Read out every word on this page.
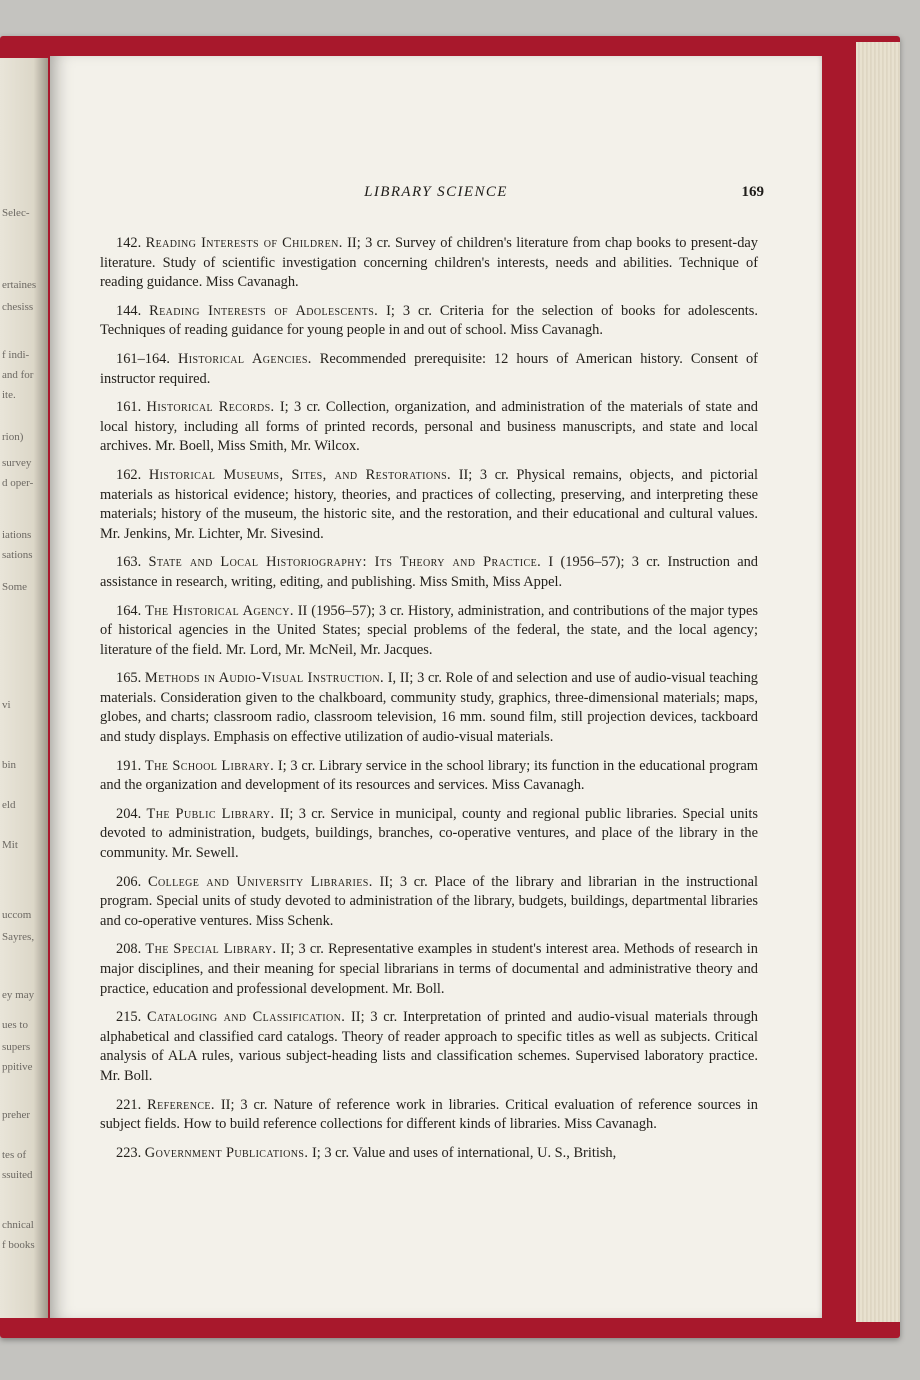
Selec-
ertaines
chesiss
f indi-
and for
ite.
rion)
survey
d oper-
iations
sations
Some
vi
bin
eld
Mit
uccom
Sayres,
ey may
ues to
supers
ppitive
preher
tes of
ssuited
chnical
f books
LIBRARY SCIENCE	169

142. Reading Interests of Children. II; 3 cr. Survey of children's literature from chap books to present-day literature. Study of scientific investigation concerning children's interests, needs and abilities. Technique of reading guidance. Miss Cavanagh.

144. Reading Interests of Adolescents. I; 3 cr. Criteria for the selection of books for adolescents. Techniques of reading guidance for young people in and out of school. Miss Cavanagh.

161–164. Historical Agencies. Recommended prerequisite: 12 hours of American history. Consent of instructor required.

161. Historical Records. I; 3 cr. Collection, organization, and administration of the materials of state and local history, including all forms of printed records, personal and business manuscripts, and state and local archives. Mr. Boell, Miss Smith, Mr. Wilcox.

162. Historical Museums, Sites, and Restorations. II; 3 cr. Physical remains, objects, and pictorial materials as historical evidence; history, theories, and practices of collecting, preserving, and interpreting these materials; history of the museum, the historic site, and the restoration, and their educational and cultural values. Mr. Jenkins, Mr. Lichter, Mr. Sivesind.

163. State and Local Historiography: Its Theory and Practice. I (1956–57); 3 cr. Instruction and assistance in research, writing, editing, and publishing. Miss Smith, Miss Appel.

164. The Historical Agency. II (1956–57); 3 cr. History, administration, and contributions of the major types of historical agencies in the United States; special problems of the federal, the state, and the local agency; literature of the field. Mr. Lord, Mr. McNeil, Mr. Jacques.

165. Methods in Audio-Visual Instruction. I, II; 3 cr. Role of and selection and use of audio-visual teaching materials. Consideration given to the chalkboard, community study, graphics, three-dimensional materials; maps, globes, and charts; classroom radio, classroom television, 16 mm. sound film, still projection devices, tackboard and study displays. Emphasis on effective utilization of audio-visual materials.

191. The School Library. I; 3 cr. Library service in the school library; its function in the educational program and the organization and development of its resources and services. Miss Cavanagh.

204. The Public Library. II; 3 cr. Service in municipal, county and regional public libraries. Special units devoted to administration, budgets, buildings, branches, co-operative ventures, and place of the library in the community. Mr. Sewell.

206. College and University Libraries. II; 3 cr. Place of the library and librarian in the instructional program. Special units of study devoted to administration of the library, budgets, buildings, departmental libraries and co-operative ventures. Miss Schenk.

208. The Special Library. II; 3 cr. Representative examples in student's interest area. Methods of research in major disciplines, and their meaning for special librarians in terms of documental and administrative theory and practice, education and professional development. Mr. Boll.

215. Cataloging and Classification. II; 3 cr. Interpretation of printed and audio-visual materials through alphabetical and classified card catalogs. Theory of reader approach to specific titles as well as subjects. Critical analysis of ALA rules, various subject-heading lists and classification schemes. Supervised laboratory practice. Mr. Boll.

221. Reference. II; 3 cr. Nature of reference work in libraries. Critical evaluation of reference sources in subject fields. How to build reference collections for different kinds of libraries. Miss Cavanagh.

223. Government Publications. I; 3 cr. Value and uses of international, U. S., British,
